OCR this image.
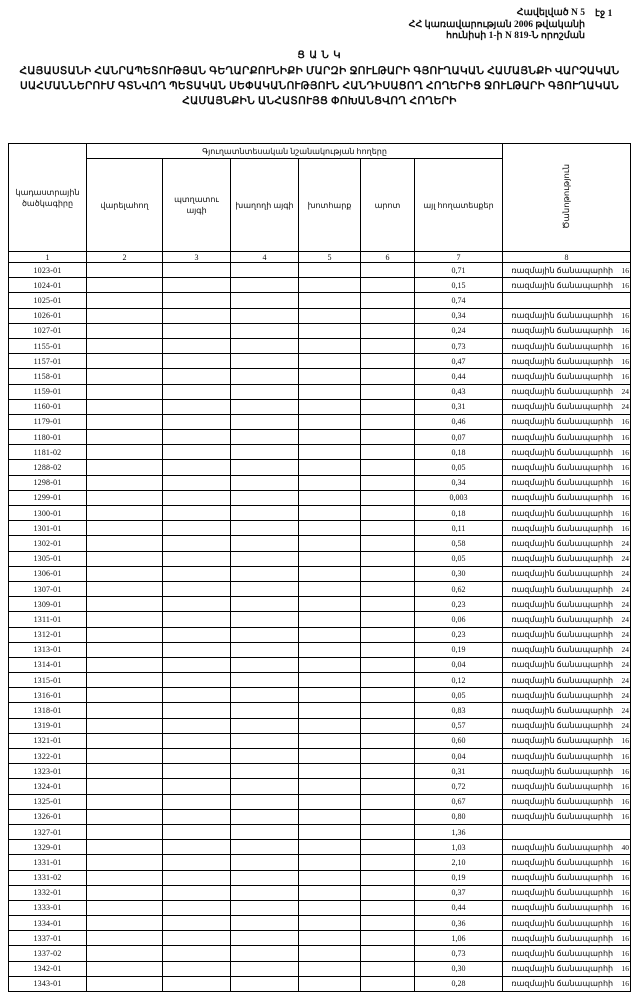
Հավելված N 5
ՀՀ կառավարության 2006 թվականի
հունիսի 1-ի N 819-Ն որոշման
էջ 1
Ց Ա Ն Կ
ՀԱՅԱՍՏԱՆԻ ՀԱՆՐԱՊԵՏՈՒԹՅԱՆ ԳԵՂԱՐՔՈՒՆԻՔԻ ՄԱՐԶԻ ՋՈՒԼԹԱՐԻ ԳՅՈՒՂԱԿԱՆ ՀԱՄԱՅՆՔԻ ՎԱՐՉԱԿԱՆ ՍԱՀՄԱՆՆԵՐՈՒՄ ԳՏՆՎՈՂ ՊԵՏԱԿԱՆ ՍԵՓԱԿԱՆՈՒԹՅՈՒՆ ՀԱՆԴԻՍԱՑՈՂ ՀՈՂԵՐԻՑ ՋՈՒԼԹԱՐԻ ԳՅՈՒՂԱԿԱՆ ՀԱՄԱՅՆՔԻՆ ԱՆՀԱՏՈՒՅՑ ՓՈԽԱՆՑՎՈՂ ՀՈՂԵՐԻ
կադաստրային ծածկագիրը	Գյուղատնտեսական նշանակության հողերը						Ծանոթություն
	վարելահող	պտղատու այգի	խաղողի այգի	խոտհարք	արոտ	այլ հողատեսքեր	
1	2	3	4	5	6	7	8
1023-01						0,71	ռազմային ճանապարհի 16

1024-01						0,15	ռազմային ճանապարհի 16

1025-01						0,74	
1026-01						0,34	ռազմային ճանապարհի 16

1027-01						0,24	ռազմային ճանապարհի 16

1155-01						0,73	ռազմային ճանապարհի 16

1157-01						0,47	ռազմային ճանապարհի 16

1158-01						0,44	ռազմային ճանապարհի 16

1159-01						0,43	ռազմային ճանապարհի 24

1160-01						0,31	ռազմային ճանապարհի 24

1179-01						0,46	ռազմային ճանապարհի 16

1180-01						0,07	ռազմային ճանապարհի 16

1181-02						0,18	ռազմային ճանապարհի 16

1288-02						0,05	ռազմային ճանապարհի 16

1298-01						0,34	ռազմային ճանապարհի 16

1299-01						0,003	ռազմային ճանապարհի 16

1300-01						0,18	ռազմային ճանապարհի 16

1301-01						0,11	ռազմային ճանապարհի 16

1302-01						0,58	ռազմային ճանապարհի 24

1305-01						0,05	ռազմային ճանապարհի 24

1306-01						0,30	ռազմային ճանապարհի 24

1307-01						0,62	ռազմային ճանապարհի 24

1309-01						0,23	ռազմային ճանապարհի 24

1311-01						0,06	ռազմային ճանապարհի 24

1312-01						0,23	ռազմային ճանապարհի 24

1313-01						0,19	ռազմային ճանապարհի 24

1314-01						0,04	ռազմային ճանապարհի 24

1315-01						0,12	ռազմային ճանապարհի 24

1316-01						0,05	ռազմային ճանապարհի 24

1318-01						0,83	ռազմային ճանապարհի 24

1319-01						0,57	ռազմային ճանապարհի 24

1321-01						0,60	ռազմային ճանապարհի 16

1322-01						0,04	ռազմային ճանապարհի 16

1323-01						0,31	ռազմային ճանապարհի 16

1324-01						0,72	ռազմային ճանապարհի 16

1325-01						0,67	ռազմային ճանապարհի 16

1326-01						0,80	ռազմային ճանապարհի 16

1327-01						1,36	
1329-01						1,03	ռազմային ճանապարհի 40

1331-01						2,10	ռազմային ճանապարհի 16

1331-02						0,19	ռազմային ճանապարհի 16

1332-01						0,37	ռազմային ճանապարհի 16

1333-01						0,44	ռազմային ճանապարհի 16

1334-01						0,36	ռազմային ճանապարհի 16

1337-01						1,06	ռազմային ճանապարհի 16

1337-02						0,73	ռազմային ճանապարհի 16

1342-01						0,30	ռազմային ճանապարհի 16

1343-01						0,28	ռազմային ճանապարհի 16
